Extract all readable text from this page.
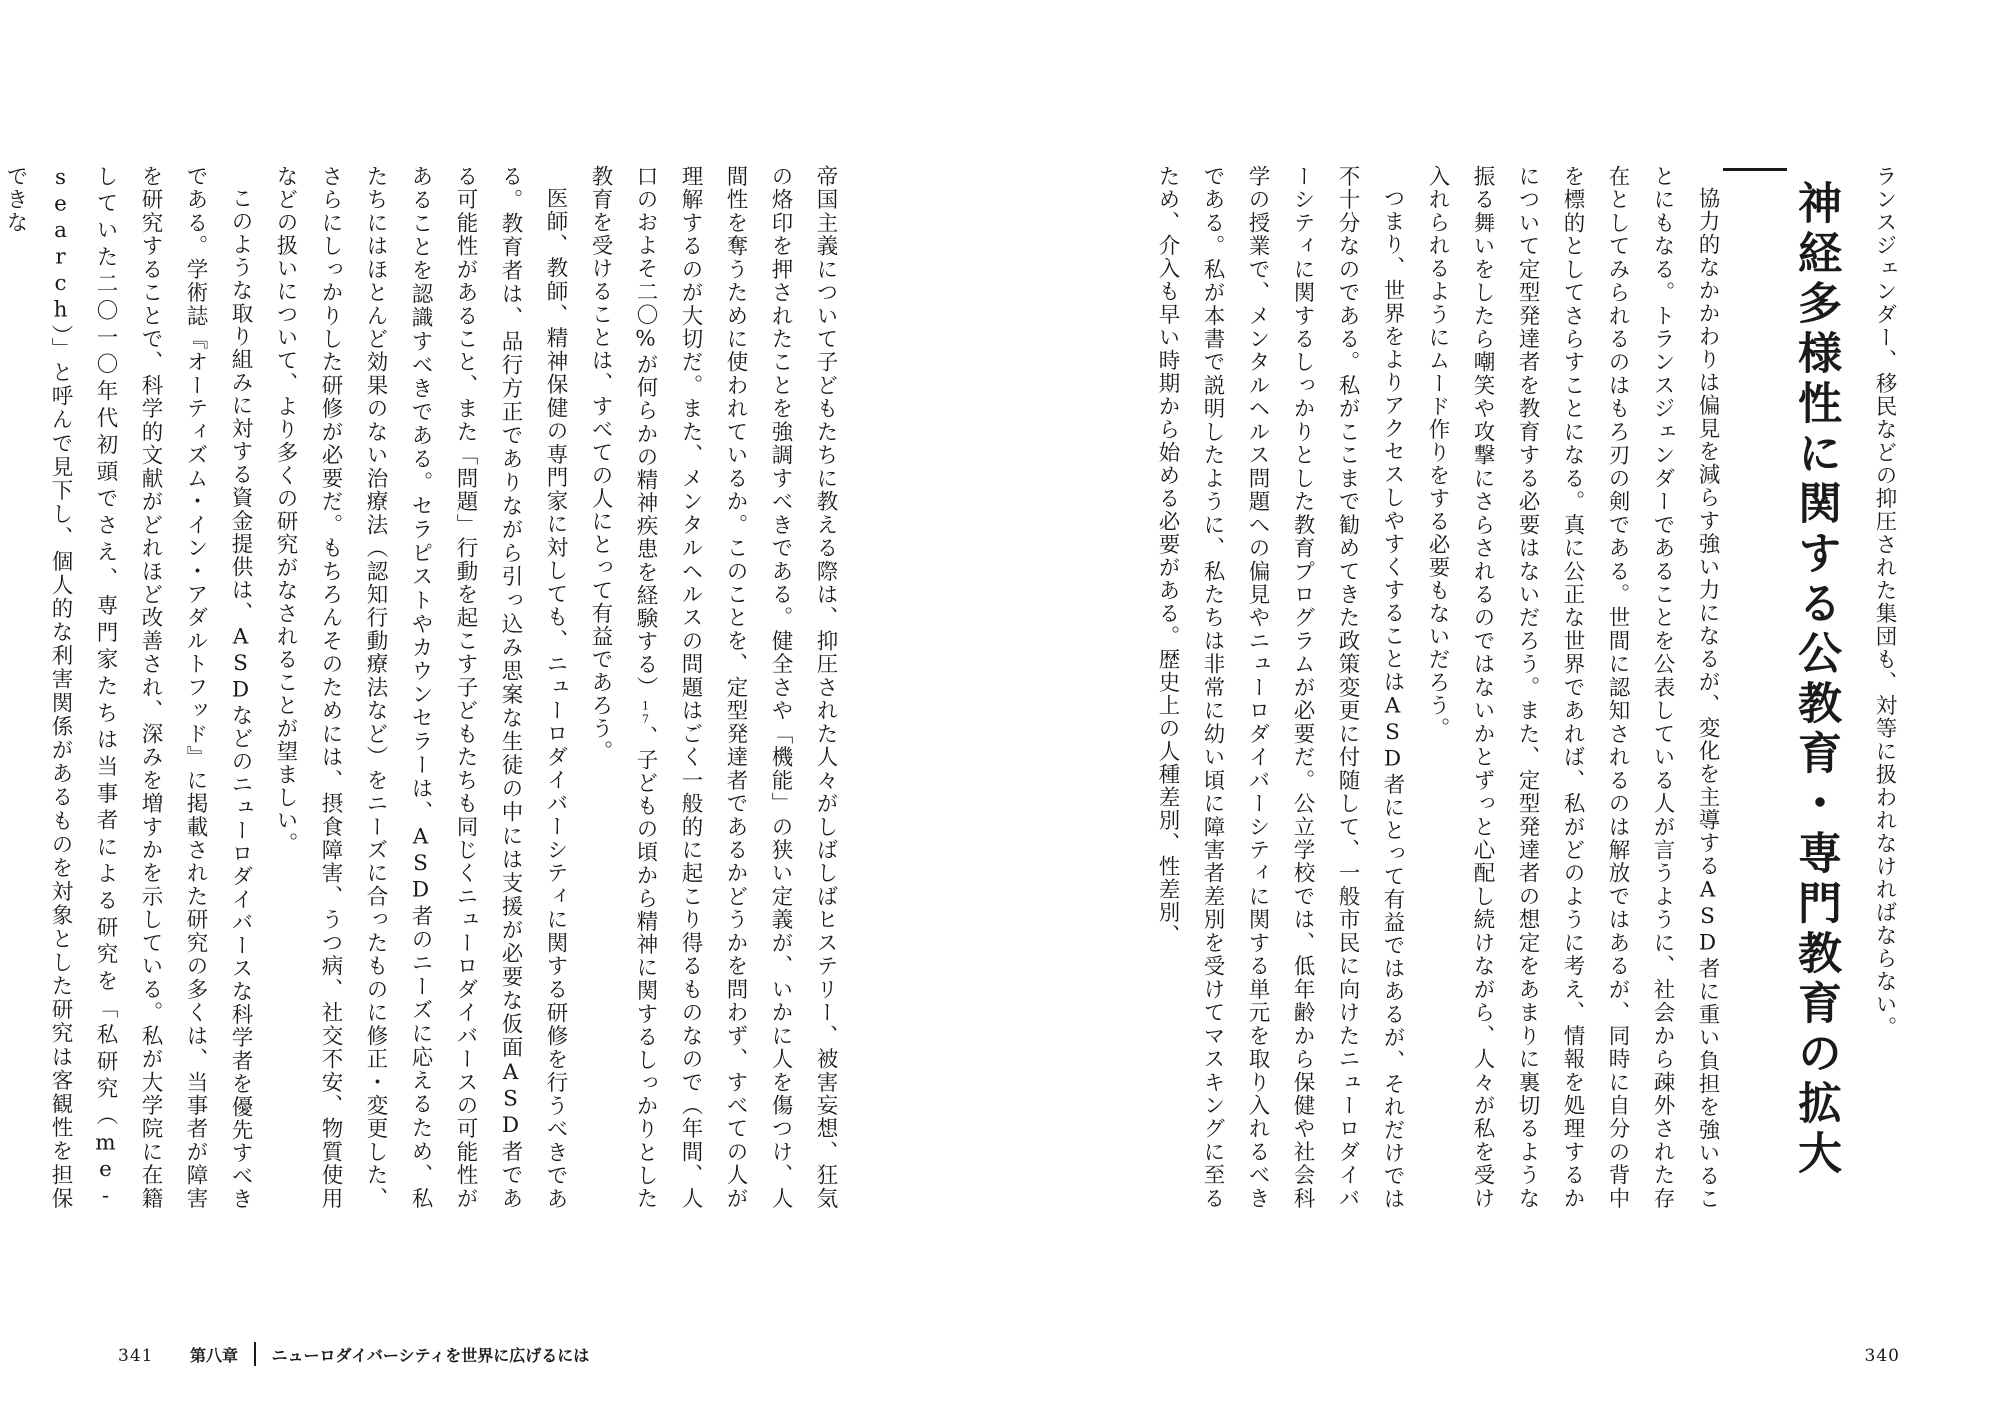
ランスジェンダー、移民などの抑圧された集団も、対等に扱われなければならない。

神経多様性に関する公教育・専門教育の拡大

協力的なかかわりは偏見を減らす強い力になるが、変化を主導するASD者に重い負担を強いることにもなる。トランスジェンダーであることを公表している人が言うように、社会から疎外された存在としてみられるのはもろ刃の剣である。世間に認知されるのは解放ではあるが、同時に自分の背中を標的としてさらすことになる。真に公正な世界であれば、私がどのように考え、情報を処理するかについて定型発達者を教育する必要はないだろう。また、定型発達者の想定をあまりに裏切るような振る舞いをしたら嘲笑や攻撃にさらされるのではないかとずっと心配し続けながら、人々が私を受け入れられるようにムード作りをする必要もないだろう。

つまり、世界をよりアクセスしやすくすることはASD者にとって有益ではあるが、それだけでは不十分なのである。私がここまで勧めてきた政策変更に付随して、一般市民に向けたニューロダイバーシティに関するしっかりとした教育プログラムが必要だ。公立学校では、低年齢から保健や社会科学の授業で、メンタルヘルス問題への偏見やニューロダイバーシティに関する単元を取り入れるべきである。私が本書で説明したように、私たちは非常に幼い頃に障害者差別を受けてマスキングに至るため、介入も早い時期から始める必要がある。歴史上の人種差別、性差別、

340

帝国主義について子どもたちに教える際は、抑圧された人々がしばしばヒステリー、被害妄想、狂気の烙印を押されたことを強調すべきである。健全さや「機能」の狭い定義が、いかに人を傷つけ、人間性を奪うために使われているか。このことを、定型発達者であるかどうかを問わず、すべての人が理解するのが大切だ。また、メンタルヘルスの問題はごく一般的に起こり得るものなので（年間、人口のおよそ二〇%が何らかの精神疾患を経験する）17、子どもの頃から精神に関するしっかりとした教育を受けることは、すべての人にとって有益であろう。

医師、教師、精神保健の専門家に対しても、ニューロダイバーシティに関する研修を行うべきである。教育者は、品行方正でありながら引っ込み思案な生徒の中には支援が必要な仮面ASD者である可能性があること、また「問題」行動を起こす子どもたちも同じくニューロダイバースの可能性があることを認識すべきである。セラピストやカウンセラーは、ASD者のニーズに応えるため、私たちにはほとんど効果のない治療法（認知行動療法など）をニーズに合ったものに修正・変更した、さらにしっかりした研修が必要だ。もちろんそのためには、摂食障害、うつ病、社交不安、物質使用などの扱いについて、より多くの研究がなされることが望ましい。

このような取り組みに対する資金提供は、ASDなどのニューロダイバースな科学者を優先すべきである。学術誌『オーティズム・イン・アダルトフッド』に掲載された研究の多くは、当事者が障害を研究することで、科学的文献がどれほど改善され、深みを増すかを示している。私が大学院に在籍していた二〇一〇年代初頭でさえ、専門家たちは当事者による研究を「私研究（me-search）」と呼んで見下し、個人的な利害関係があるものを対象とした研究は客観性を担保できな

341 第八章 ニューロダイバーシティを世界に広げるには
